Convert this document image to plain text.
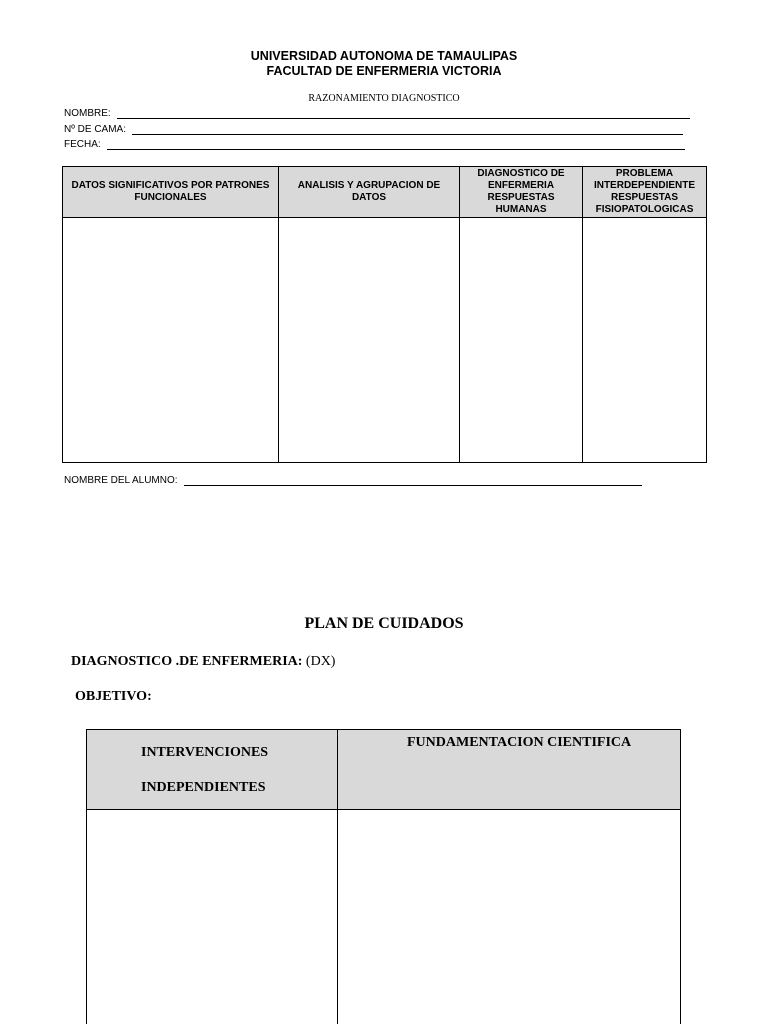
UNIVERSIDAD AUTONOMA DE TAMAULIPAS
FACULTAD DE ENFERMERIA VICTORIA
RAZONAMIENTO DIAGNOSTICO
NOMBRE:
Nº DE CAMA:
FECHA:
DATOS SIGNIFICATIVOS POR PATRONES FUNCIONALES	ANALISIS Y AGRUPACION DE DATOS	DIAGNOSTICO DE ENFERMERIA RESPUESTAS HUMANAS	PROBLEMA INTERDEPENDIENTE RESPUESTAS FISIOPATOLOGICAS

NOMBRE DEL ALUMNO:
PLAN DE CUIDADOS
DIAGNOSTICO .DE ENFERMERIA: (DX)
OBJETIVO:
INTERVENCIONES INDEPENDIENTES	FUNDAMENTACION CIENTIFICA
